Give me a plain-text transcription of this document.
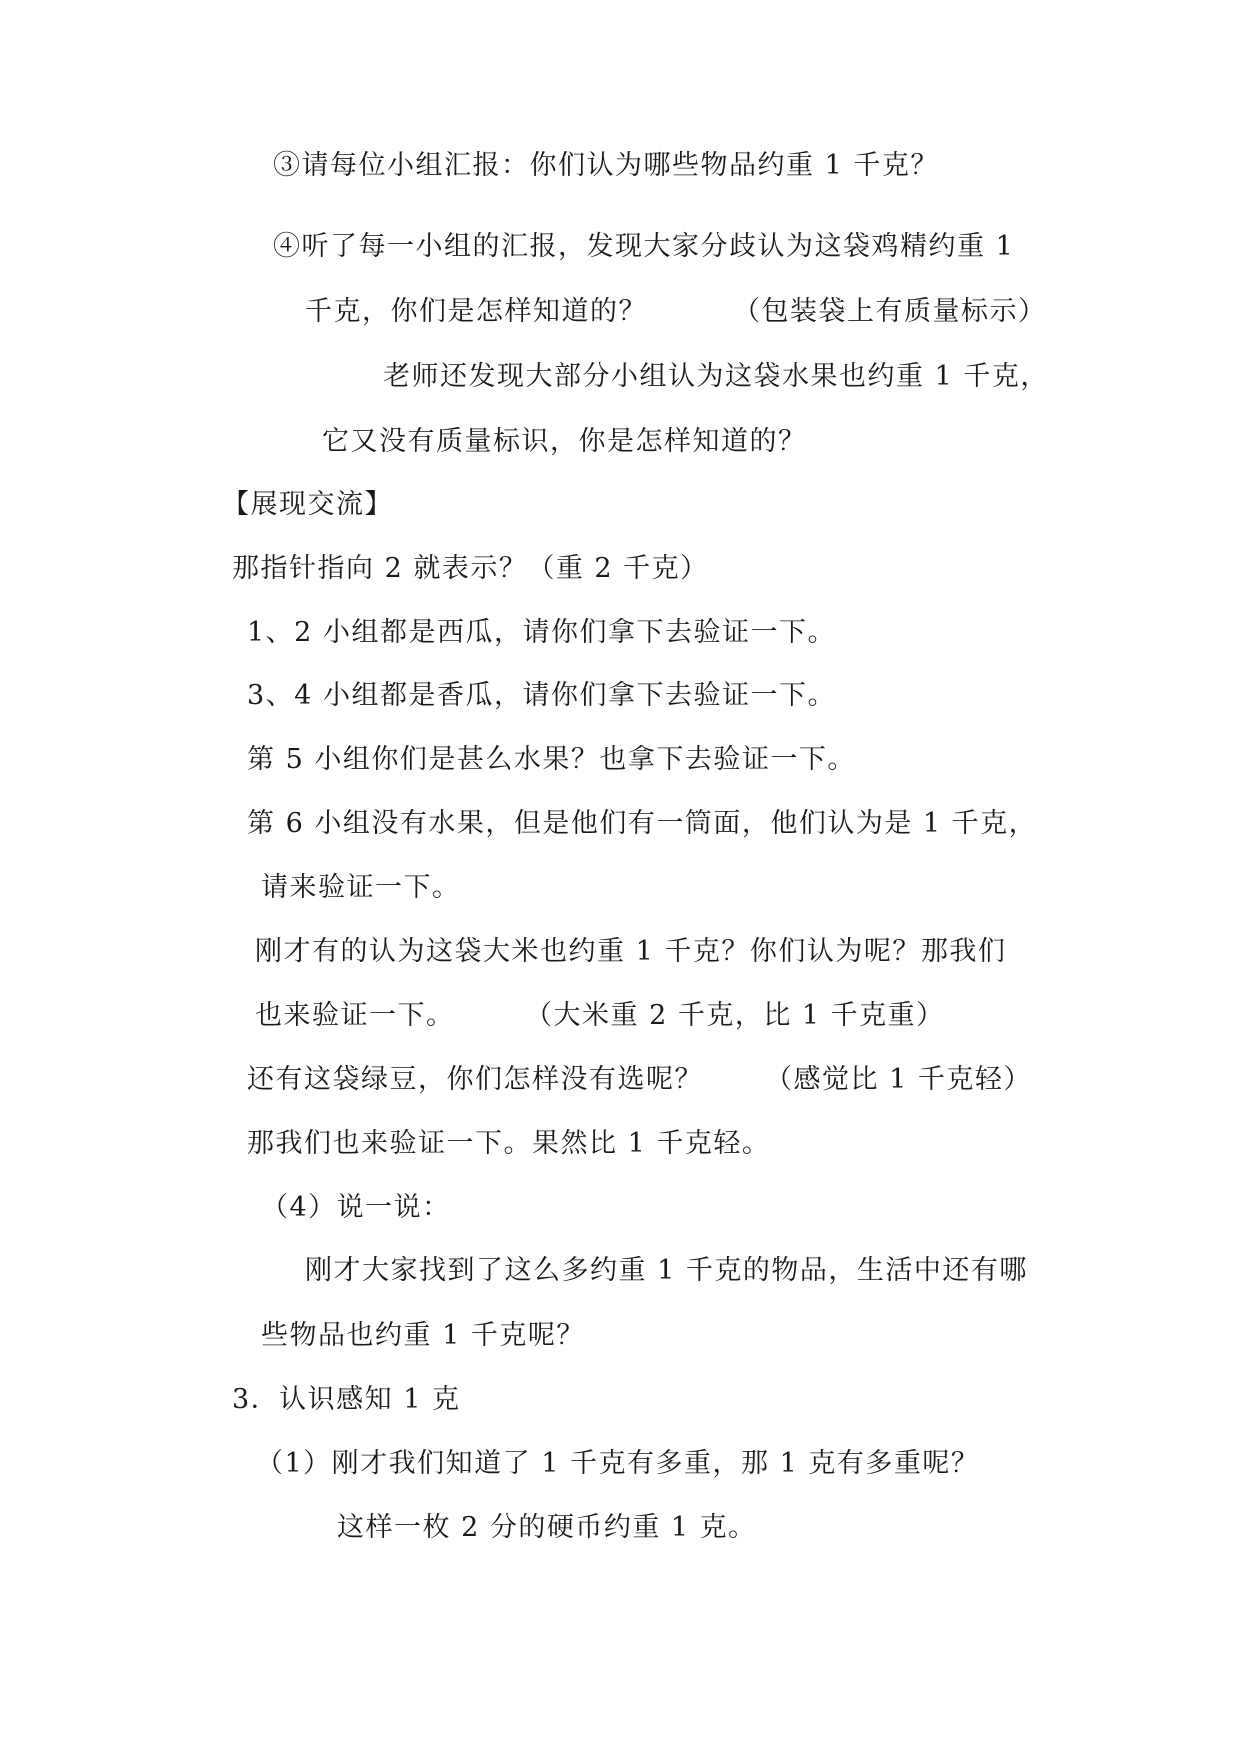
③请每位小组汇报：你们认为哪些物品约重 1 千克？
④听了每一小组的汇报，发现大家分歧认为这袋鸡精约重 1
千克，你们是怎样知道的？	（包装袋上有质量标示）
老师还发现大部分小组认为这袋水果也约重 1 千克，
它又没有质量标识，你是怎样知道的？
【展现交流】
那指针指向 2 就表示？（重 2 千克）
1、2 小组都是西瓜，请你们拿下去验证一下。
3、4 小组都是香瓜，请你们拿下去验证一下。
第 5 小组你们是甚么水果？也拿下去验证一下。
第 6 小组没有水果，但是他们有一筒面，他们认为是 1 千克，
请来验证一下。
刚才有的认为这袋大米也约重 1 千克？你们认为呢？那我们
也来验证一下。	（大米重 2 千克，比 1 千克重）
还有这袋绿豆，你们怎样没有选呢？ （感觉比 1 千克轻）
那我们也来验证一下。果然比 1 千克轻。
（4）说一说：
刚才大家找到了这么多约重 1 千克的物品，生活中还有哪
些物品也约重 1 千克呢？
3．认识感知 1 克
（1）刚才我们知道了 1 千克有多重，那 1 克有多重呢？
这样一枚 2 分的硬币约重 1 克。
